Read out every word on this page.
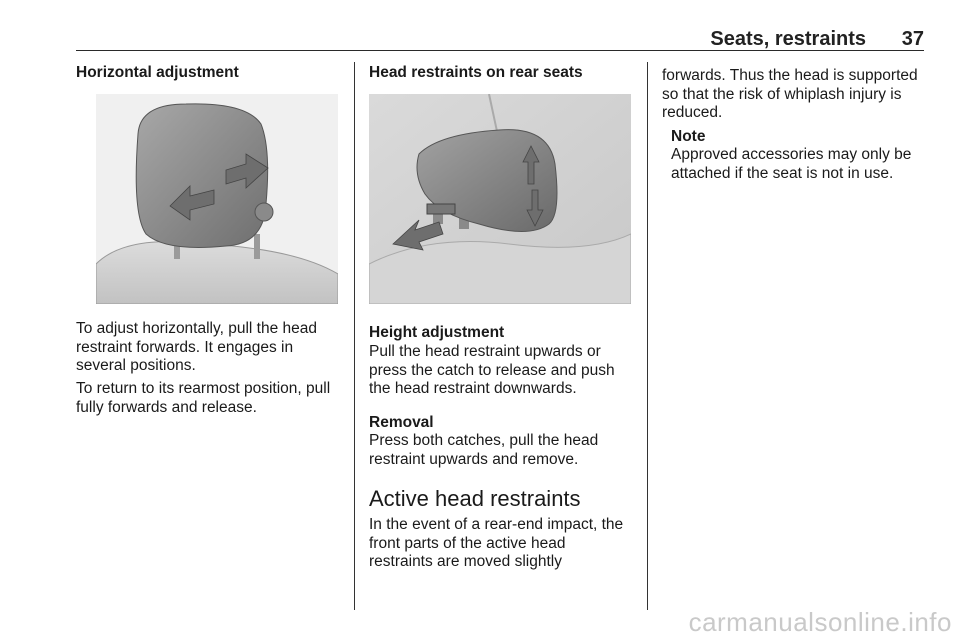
Seats, restraints 37
Horizontal adjustment
To adjust horizontally, pull the head
restraint forwards. It engages in
several positions.
To return to its rearmost position, pull
fully forwards and release.
Head restraints on rear seats
Height adjustment
Pull the head restraint upwards or
press the catch to release and push
the head restraint downwards.
Removal
Press both catches, pull the head
restraint upwards and remove.
Active head restraints
In the event of a rear-end impact, the
front parts of the active head
restraints are moved slightly
forwards. Thus the head is supported
so that the risk of whiplash injury is
reduced.
Note
Approved accessories may only be
attached if the seat is not in use.
carmanualsonline.info
